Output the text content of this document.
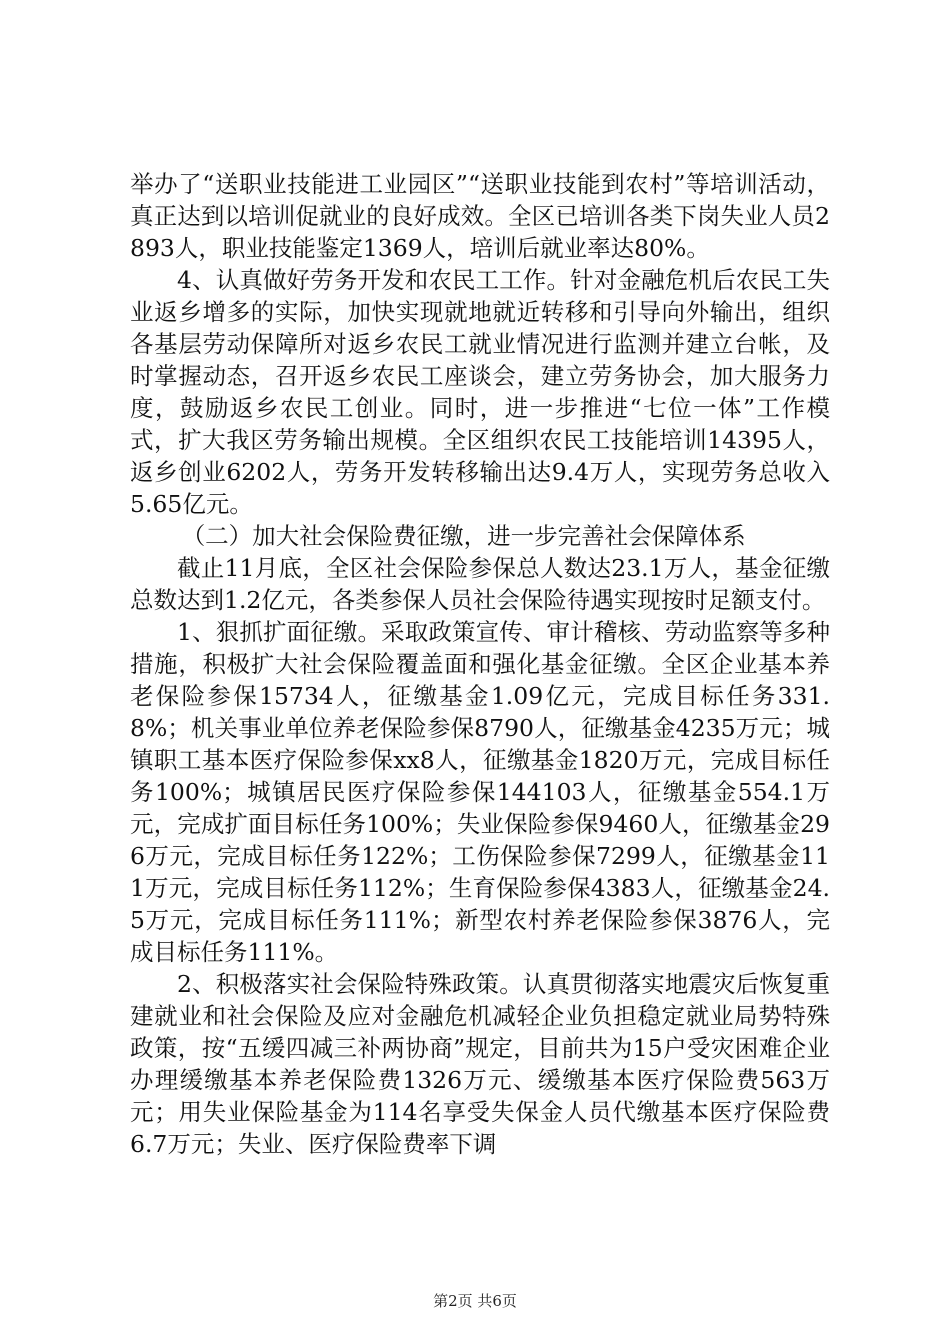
举办了“送职业技能进工业园区”“送职业技能到农村”等培训活动，真正达到以培训促就业的良好成效。全区已培训各类下岗失业人员2893人，职业技能鉴定1369人，培训后就业率达80%。

4、认真做好劳务开发和农民工工作。针对金融危机后农民工失业返乡增多的实际，加快实现就地就近转移和引导向外输出，组织各基层劳动保障所对返乡农民工就业情况进行监测并建立台帐，及时掌握动态，召开返乡农民工座谈会，建立劳务协会，加大服务力度，鼓励返乡农民工创业。同时，进一步推进“七位一体”工作模式，扩大我区劳务输出规模。全区组织农民工技能培训14395人，返乡创业6202人，劳务开发转移输出达9.4万人，实现劳务总收入5.65亿元。

（二）加大社会保险费征缴，进一步完善社会保障体系

截止11月底，全区社会保险参保总人数达23.1万人，基金征缴总数达到1.2亿元，各类参保人员社会保险待遇实现按时足额支付。

1、狠抓扩面征缴。采取政策宣传、审计稽核、劳动监察等多种措施，积极扩大社会保险覆盖面和强化基金征缴。全区企业基本养老保险参保15734人，征缴基金1.09亿元，完成目标任务331.8%；机关事业单位养老保险参保8790人，征缴基金4235万元；城镇职工基本医疗保险参保xx8人，征缴基金1820万元，完成目标任务100%；城镇居民医疗保险参保144103人，征缴基金554.1万元，完成扩面目标任务100%；失业保险参保9460人，征缴基金296万元，完成目标任务122%；工伤保险参保7299人，征缴基金111万元，完成目标任务112%；生育保险参保4383人，征缴基金24.5万元，完成目标任务111%；新型农村养老保险参保3876人，完成目标任务111%。

2、积极落实社会保险特殊政策。认真贯彻落实地震灾后恢复重建就业和社会保险及应对金融危机减轻企业负担稳定就业局势特殊政策，按“五缓四减三补两协商”规定，目前共为15户受灾困难企业办理缓缴基本养老保险费1326万元、缓缴基本医疗保险费563万元；用失业保险基金为114名享受失保金人员代缴基本医疗保险费6.7万元；失业、医疗保险费率下调

第2页 共6页
